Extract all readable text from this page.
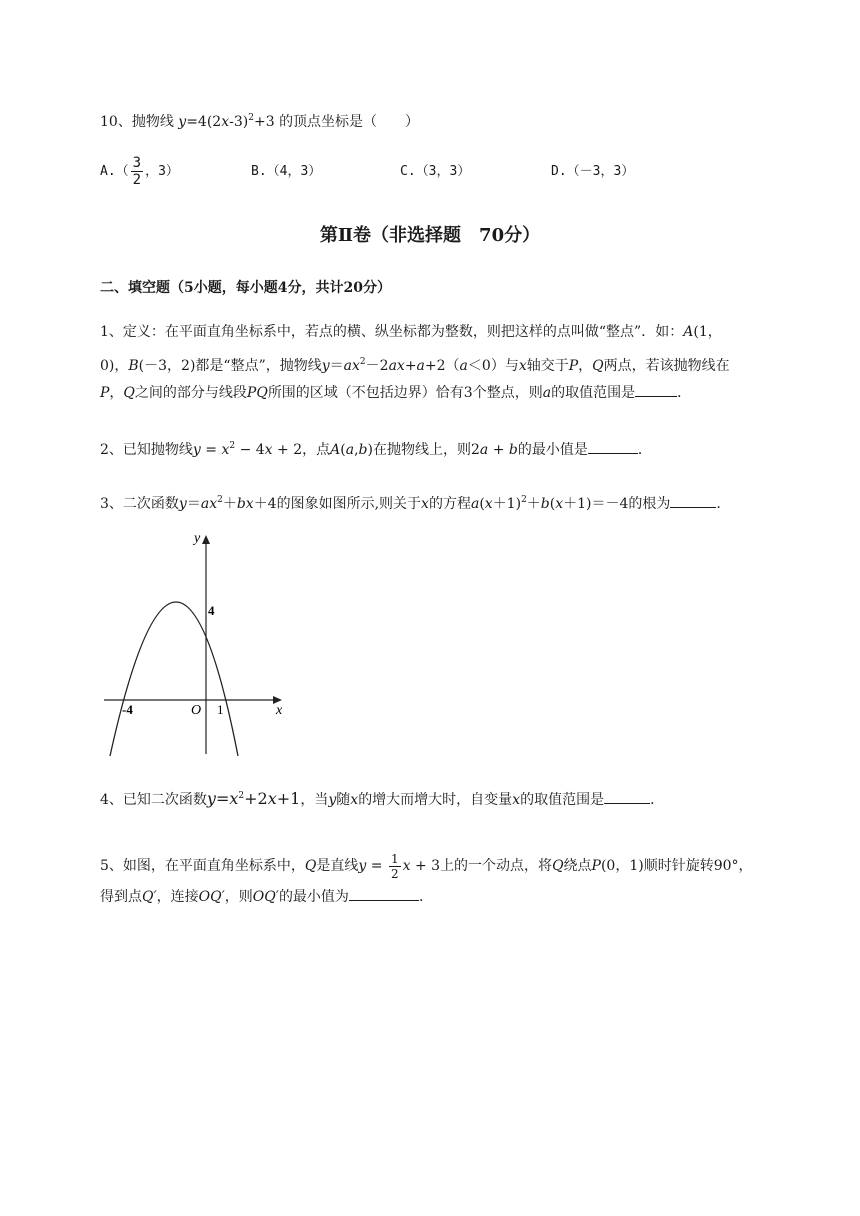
10、抛物线 $y=4(2x-3)^2+3$ 的顶点坐标是（　　）
$A.( \frac{3}{2}$ ，3）	B.（4，3）	C.（3，3）	D.（－3，3）
第Ⅱ卷（非选择题　70分）
二、填空题（5小题，每小题4分，共计20分）
1、定义：在平面直角坐标系中，若点的横、纵坐标都为整数，则把这样的点叫做“整点”．如：A(1，
0)，B(－3，2)都是“整点”，抛物线$y=ax^2-2ax+a+2(a<0)$与x轴交于P，Q两点，若该抛物线在
P，Q之间的部分与线段PQ所围的区域（不包括边界）恰有3个整点，则a的取值范围是	．
2、已知抛物线$y = x^2 - 4x + 2$，点A(a,b)在抛物线上，则2a + b的最小值是	．
3、二次函数$y=ax^2+bx+4$的图象如图所示,则关于x的方程$a(x+1)^2+b(x+1)=-4$的根为	.
y
x
4
-4	O 1
4、已知二次函数$y=x^2+2x+1$，当y随x的增大而增大时，自变量x的取值范围是	．
5、如图，在平面直角坐标系中，Q是直线$y = \frac{1}{2}$ x + 3上的一个动点，将Q绕点P(0，1)顺时针旋转90°，
得到点Q′，连接OQ′，则OQ′的最小值为	．
